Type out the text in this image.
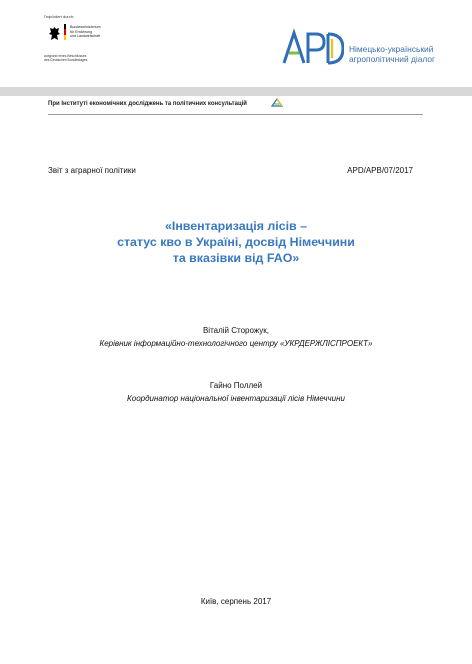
Гефördert durch:
Bundesministerium
für Ernährung
und Landwirtschaft
aufgrund eines Beschlusses
des Deutschen Bundestages
Німецько-український
агрополітичний діалог
При Інституті економічних досліджень та політичних консультацій
Звіт з аграрної політики	APD/APB/07/2017
«Інвентаризація лісів –
статус кво в Україні, досвід Німеччини
та вказівки від FAO»
Віталій Сторожук,
Керівник інформаційно-технологічного центру «УКРДЕРЖЛІСПРОЕКТ»
Гайно Поллей
Координатор національної інвентаризації лісів Німеччини
Київ, серпень 2017
